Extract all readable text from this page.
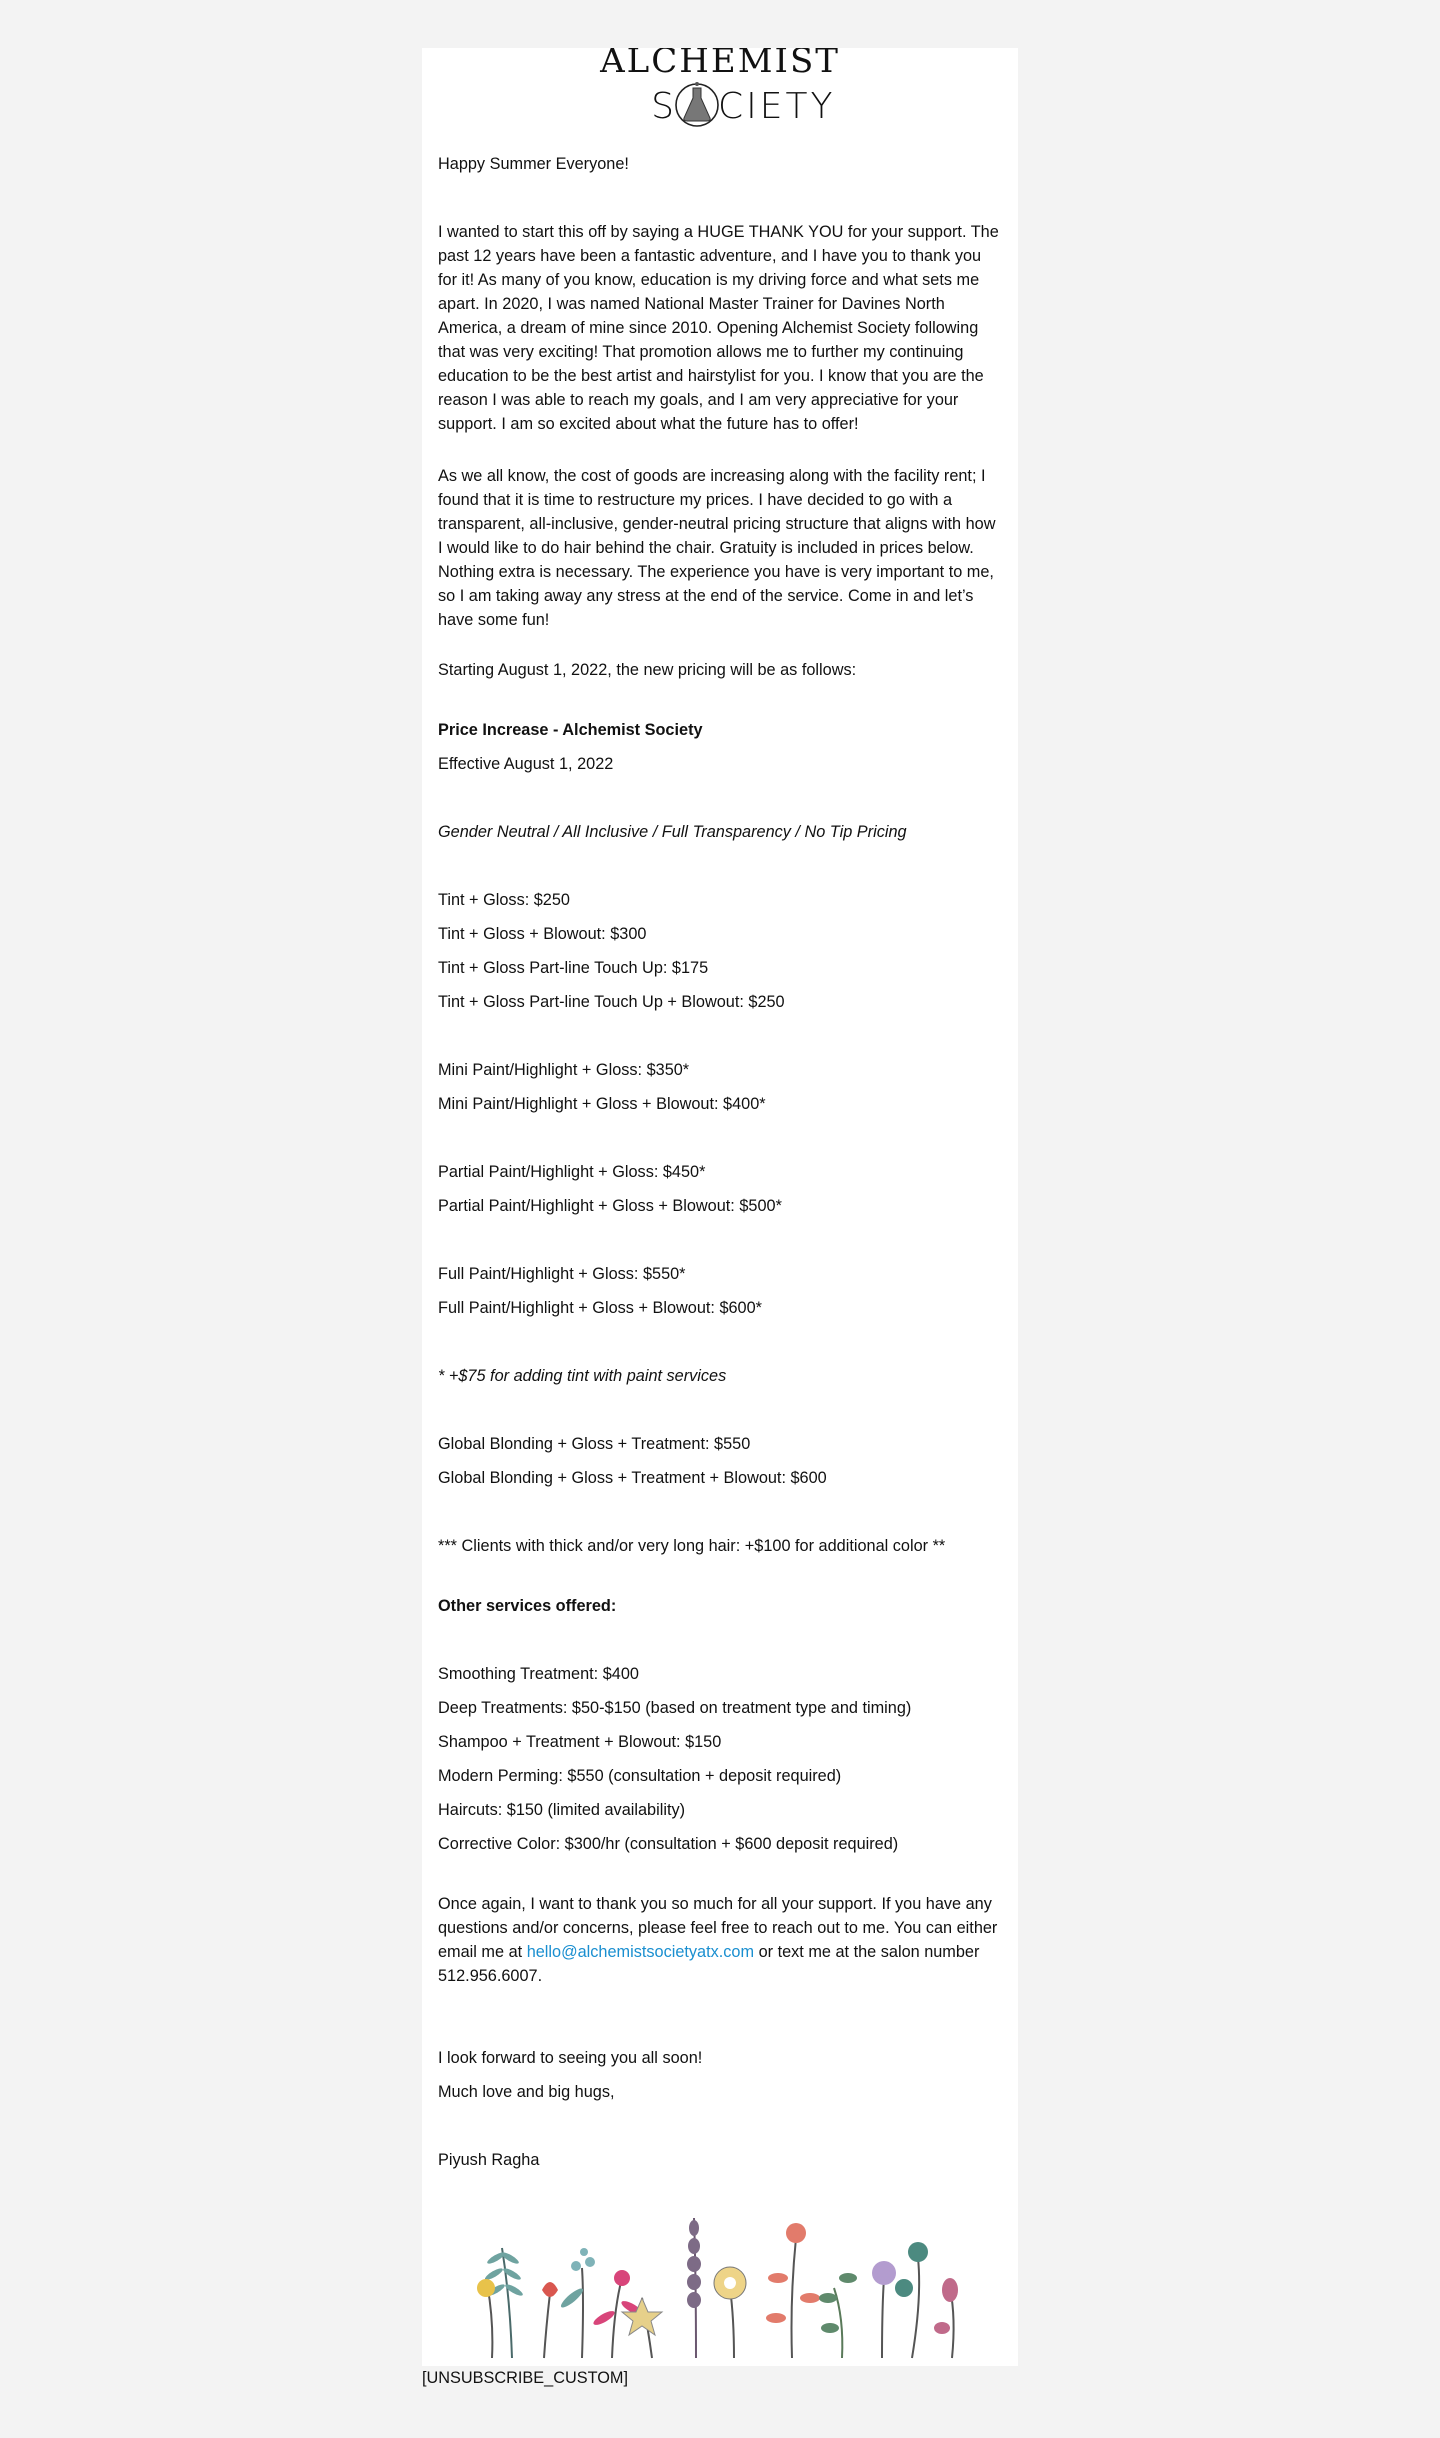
ALCHEMIST
S CIETY

Happy Summer Everyone!

I wanted to start this off by saying a HUGE THANK YOU for your support. The past 12 years have been a fantastic adventure, and I have you to thank you for it! As many of you know, education is my driving force and what sets me apart. In 2020, I was named National Master Trainer for Davines North America, a dream of mine since 2010. Opening Alchemist Society following that was very exciting! That promotion allows me to further my continuing education to be the best artist and hairstylist for you. I know that you are the reason I was able to reach my goals, and I am very appreciative for your support. I am so excited about what the future has to offer!

As we all know, the cost of goods are increasing along with the facility rent; I found that it is time to restructure my prices. I have decided to go with a transparent, all-inclusive, gender-neutral pricing structure that aligns with how I would like to do hair behind the chair. Gratuity is included in prices below. Nothing extra is necessary. The experience you have is very important to me, so I am taking away any stress at the end of the service. Come in and let’s have some fun!

Starting August 1, 2022, the new pricing will be as follows:

Price Increase - Alchemist Society

Effective August 1, 2022

Gender Neutral / All Inclusive / Full Transparency / No Tip Pricing

Tint + Gloss: $250

Tint + Gloss + Blowout: $300

Tint + Gloss Part-line Touch Up: $175

Tint + Gloss Part-line Touch Up + Blowout: $250

Mini Paint/Highlight + Gloss: $350*

Mini Paint/Highlight + Gloss + Blowout: $400*

Partial Paint/Highlight + Gloss: $450*

Partial Paint/Highlight + Gloss + Blowout: $500*

Full Paint/Highlight + Gloss: $550*

Full Paint/Highlight + Gloss + Blowout: $600*

* +$75 for adding tint with paint services

Global Blonding + Gloss + Treatment: $550

Global Blonding + Gloss + Treatment + Blowout: $600

*** Clients with thick and/or very long hair: +$100 for additional color **

Other services offered:

Smoothing Treatment: $400

Deep Treatments: $50-$150 (based on treatment type and timing)

Shampoo + Treatment + Blowout: $150

Modern Perming: $550 (consultation + deposit required)

Haircuts: $150 (limited availability)

Corrective Color: $300/hr (consultation + $600 deposit required)

Once again, I want to thank you so much for all your support. If you have any
questions and/or concerns, please feel free to reach out to me. You can either
email me at hello@alchemistsocietyatx.com or text me at the salon number
512.956.6007.

I look forward to seeing you all soon!

Much love and big hugs,

Piyush Ragha

[UNSUBSCRIBE_CUSTOM]
